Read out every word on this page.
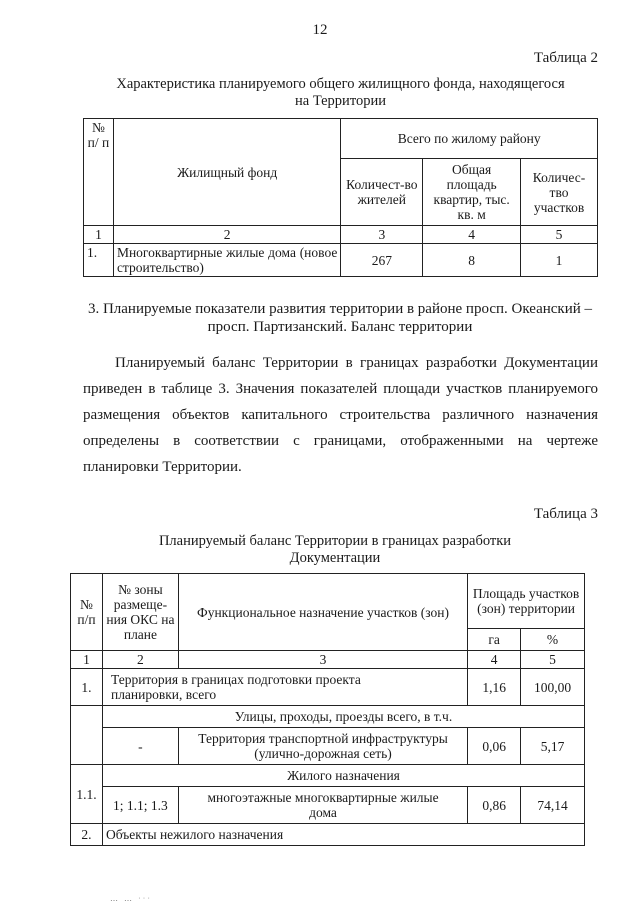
12
Таблица 2
Характеристика планируемого общего жилищного фонда, находящегося
на Территории
№ п/ п	Жилищный фонд	Всего по жилому району		
		Количест-во жителей	Общая площадь квартир, тыс. кв. м	Количес-тво участков
1	2	3	4	5
1.	Многоквартирные жилые дома (новое строительство)	267	8	1
3. Планируемые показатели развития территории в районе просп. Океанский –
просп. Партизанский. Баланс территории
Планируемый баланс Территории в границах разработки Документации
приведен в таблице 3. Значения показателей площади участков планируемого
размещения объектов капитального строительства различного назначения
определены в соответствии с границами, отображенными на чертеже
планировки Территории.
Таблица 3
Планируемый баланс Территории в границах разработки
Документации
№ п/п	№ зоны размеще-ния ОКС на плане	Функциональное назначение участков (зон)	Площадь участков (зон) территории	
			га	%
1	2	3	4	5
1.	Территория в границах подготовки проекта планировки, всего		1,16	100,00
	Улицы, проходы, проезды всего, в т.ч.			
	-	Территория транспортной инфраструктуры (улично-дорожная сеть)	0,06	5,17
1.1.	Жилого назначения			
	1; 1.1; 1.3	многоэтажные многоквартирные жилые дома	0,86	74,14
2.	Объекты нежилого назначения			
⋯ ⋯ ˙˙˙
